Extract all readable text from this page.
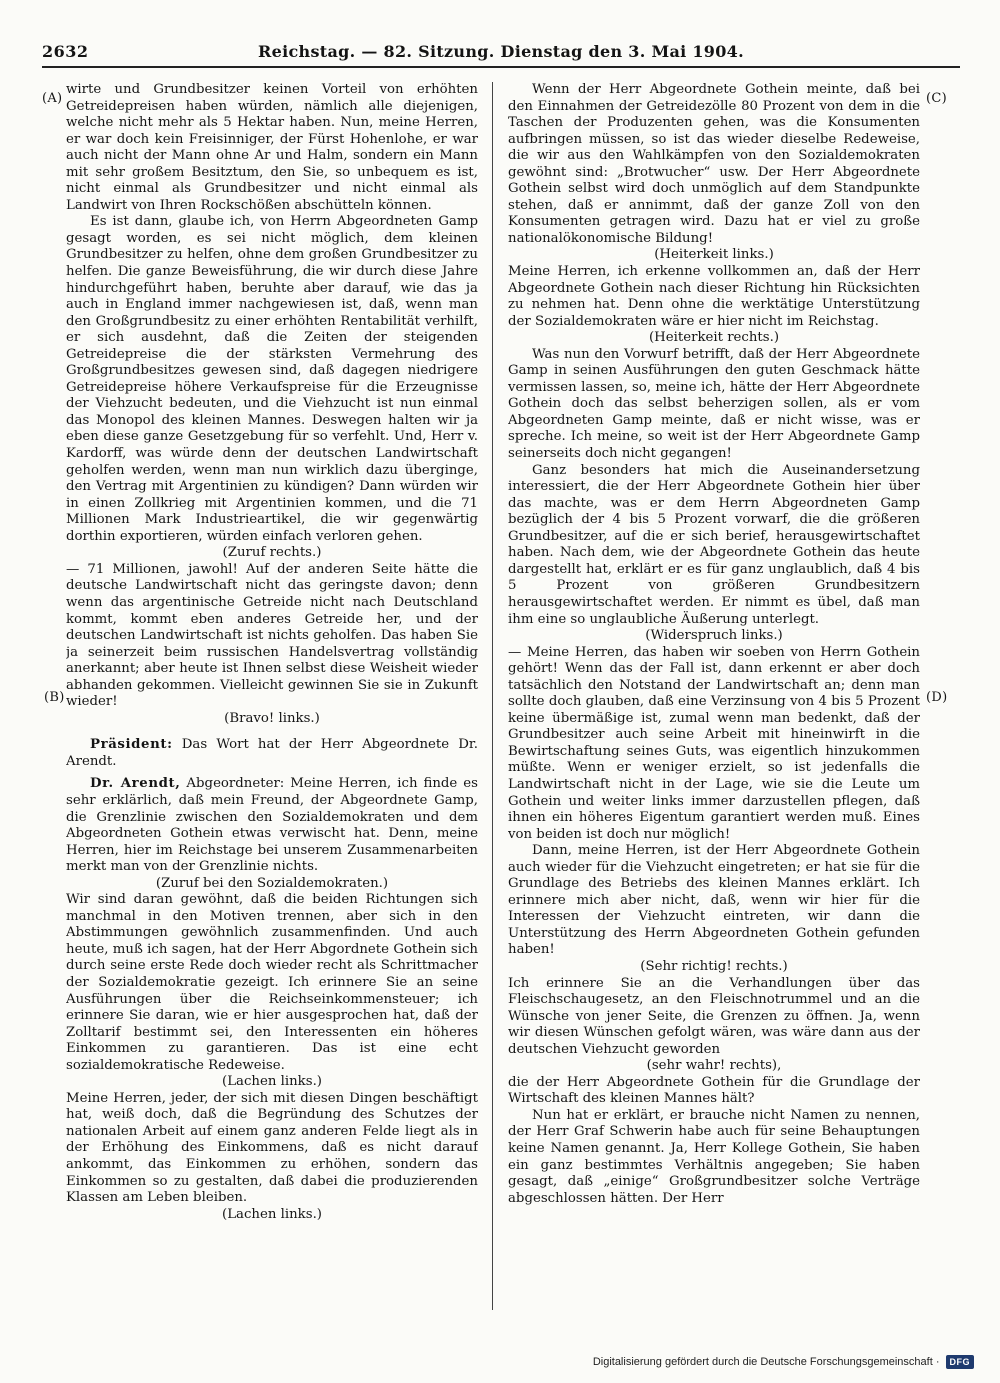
2632	Reichstag. — 82. Sitzung. Dienstag den 3. Mai 1904.
(A)
(B)
(C)
(D)

wirte und Grundbesitzer keinen Vorteil von erhöhten Getreidepreisen haben würden, nämlich alle diejenigen, welche nicht mehr als 5 Hektar haben. Nun, meine Herren, er war doch kein Freisinniger, der Fürst Hohenlohe, er war auch nicht der Mann ohne Ar und Halm, sondern ein Mann mit sehr großem Besitztum, den Sie, so unbequem es ist, nicht einmal als Grundbesitzer und nicht einmal als Landwirt von Ihren Rockschößen abschütteln können.

Es ist dann, glaube ich, von Herrn Abgeordneten Gamp gesagt worden, es sei nicht möglich, dem kleinen Grundbesitzer zu helfen, ohne dem großen Grundbesitzer zu helfen. Die ganze Beweisführung, die wir durch diese Jahre hindurchgeführt haben, beruhte aber darauf, wie das ja auch in England immer nachgewiesen ist, daß, wenn man den Großgrundbesitz zu einer erhöhten Rentabilität verhilft, er sich ausdehnt, daß die Zeiten der steigenden Getreidepreise die der stärksten Vermehrung des Großgrundbesitzes gewesen sind, daß dagegen niedrigere Getreidepreise höhere Verkaufspreise für die Erzeugnisse der Viehzucht bedeuten, und die Viehzucht ist nun einmal das Monopol des kleinen Mannes. Deswegen halten wir ja eben diese ganze Gesetzgebung für so verfehlt. Und, Herr v. Kardorff, was würde denn der deutschen Landwirtschaft geholfen werden, wenn man nun wirklich dazu überginge, den Vertrag mit Argentinien zu kündigen? Dann würden wir in einen Zollkrieg mit Argentinien kommen, und die 71 Millionen Mark Industrieartikel, die wir gegenwärtig dorthin exportieren, würden einfach verloren gehen.

(Zuruf rechts.)

— 71 Millionen, jawohl! Auf der anderen Seite hätte die deutsche Landwirtschaft nicht das geringste davon; denn wenn das argentinische Getreide nicht nach Deutschland kommt, kommt eben anderes Getreide her, und der deutschen Landwirtschaft ist nichts geholfen. Das haben Sie ja seinerzeit beim russischen Handelsvertrag vollständig anerkannt; aber heute ist Ihnen selbst diese Weisheit wieder abhanden gekommen. Vielleicht gewinnen Sie sie in Zukunft wieder!

(Bravo! links.)

Präsident: Das Wort hat der Herr Abgeordnete Dr. Arendt.

Dr. Arendt, Abgeordneter: Meine Herren, ich finde es sehr erklärlich, daß mein Freund, der Abgeordnete Gamp, die Grenzlinie zwischen den Sozialdemokraten und dem Abgeordneten Gothein etwas verwischt hat. Denn, meine Herren, hier im Reichstage bei unserem Zusammenarbeiten merkt man von der Grenzlinie nichts.

(Zuruf bei den Sozialdemokraten.)

Wir sind daran gewöhnt, daß die beiden Richtungen sich manchmal in den Motiven trennen, aber sich in den Abstimmungen gewöhnlich zusammenfinden. Und auch heute, muß ich sagen, hat der Herr Abgordnete Gothein sich durch seine erste Rede doch wieder recht als Schrittmacher der Sozialdemokratie gezeigt. Ich erinnere Sie an seine Ausführungen über die Reichseinkommensteuer; ich erinnere Sie daran, wie er hier ausgesprochen hat, daß der Zolltarif bestimmt sei, den Interessenten ein höheres Einkommen zu garantieren. Das ist eine echt sozialdemokratische Redeweise.

(Lachen links.)

Meine Herren, jeder, der sich mit diesen Dingen beschäftigt hat, weiß doch, daß die Begründung des Schutzes der nationalen Arbeit auf einem ganz anderen Felde liegt als in der Erhöhung des Einkommens, daß es nicht darauf ankommt, das Einkommen zu erhöhen, sondern das Einkommen so zu gestalten, daß dabei die produzierenden Klassen am Leben bleiben.

(Lachen links.)

Wenn der Herr Abgeordnete Gothein meinte, daß bei den Einnahmen der Getreidezölle 80 Prozent von dem in die Taschen der Produzenten gehen, was die Konsumenten aufbringen müssen, so ist das wieder dieselbe Redeweise, die wir aus den Wahlkämpfen von den Sozialdemokraten gewöhnt sind: „Brotwucher“ usw. Der Herr Abgeordnete Gothein selbst wird doch unmöglich auf dem Standpunkte stehen, daß er annimmt, daß der ganze Zoll von den Konsumenten getragen wird. Dazu hat er viel zu große nationalökonomische Bildung!

(Heiterkeit links.)

Meine Herren, ich erkenne vollkommen an, daß der Herr Abgeordnete Gothein nach dieser Richtung hin Rücksichten zu nehmen hat. Denn ohne die werktätige Unterstützung der Sozialdemokraten wäre er hier nicht im Reichstag.

(Heiterkeit rechts.)

Was nun den Vorwurf betrifft, daß der Herr Abgeordnete Gamp in seinen Ausführungen den guten Geschmack hätte vermissen lassen, so, meine ich, hätte der Herr Abgeordnete Gothein doch das selbst beherzigen sollen, als er vom Abgeordneten Gamp meinte, daß er nicht wisse, was er spreche. Ich meine, so weit ist der Herr Abgeordnete Gamp seinerseits doch nicht gegangen!

Ganz besonders hat mich die Auseinandersetzung interessiert, die der Herr Abgeordnete Gothein hier über das machte, was er dem Herrn Abgeordneten Gamp bezüglich der 4 bis 5 Prozent vorwarf, die die größeren Grundbesitzer, auf die er sich berief, herausgewirtschaftet haben. Nach dem, wie der Abgeordnete Gothein das heute dargestellt hat, erklärt er es für ganz unglaublich, daß 4 bis 5 Prozent von größeren Grundbesitzern herausgewirtschaftet werden. Er nimmt es übel, daß man ihm eine so unglaubliche Äußerung unterlegt.

(Widerspruch links.)

— Meine Herren, das haben wir soeben von Herrn Gothein gehört! Wenn das der Fall ist, dann erkennt er aber doch tatsächlich den Notstand der Landwirtschaft an; denn man sollte doch glauben, daß eine Verzinsung von 4 bis 5 Prozent keine übermäßige ist, zumal wenn man bedenkt, daß der Grundbesitzer auch seine Arbeit mit hineinwirft in die Bewirtschaftung seines Guts, was eigentlich hinzukommen müßte. Wenn er weniger erzielt, so ist jedenfalls die Landwirtschaft nicht in der Lage, wie sie die Leute um Gothein und weiter links immer darzustellen pflegen, daß ihnen ein höheres Eigentum garantiert werden muß. Eines von beiden ist doch nur möglich!

Dann, meine Herren, ist der Herr Abgeordnete Gothein auch wieder für die Viehzucht eingetreten; er hat sie für die Grundlage des Betriebs des kleinen Mannes erklärt. Ich erinnere mich aber nicht, daß, wenn wir hier für die Interessen der Viehzucht eintreten, wir dann die Unterstützung des Herrn Abgeordneten Gothein gefunden haben!

(Sehr richtig! rechts.)

Ich erinnere Sie an die Verhandlungen über das Fleischschaugesetz, an den Fleischnotrummel und an die Wünsche von jener Seite, die Grenzen zu öffnen. Ja, wenn wir diesen Wünschen gefolgt wären, was wäre dann aus der deutschen Viehzucht geworden

(sehr wahr! rechts),

die der Herr Abgeordnete Gothein für die Grundlage der Wirtschaft des kleinen Mannes hält?

Nun hat er erklärt, er brauche nicht Namen zu nennen, der Herr Graf Schwerin habe auch für seine Behauptungen keine Namen genannt. Ja, Herr Kollege Gothein, Sie haben ein ganz bestimmtes Verhältnis angegeben; Sie haben gesagt, daß „einige“ Großgrundbesitzer solche Verträge abgeschlossen hätten. Der Herr

Digitalisierung gefördert durch die Deutsche Forschungsgemeinschaft ·	DFG
